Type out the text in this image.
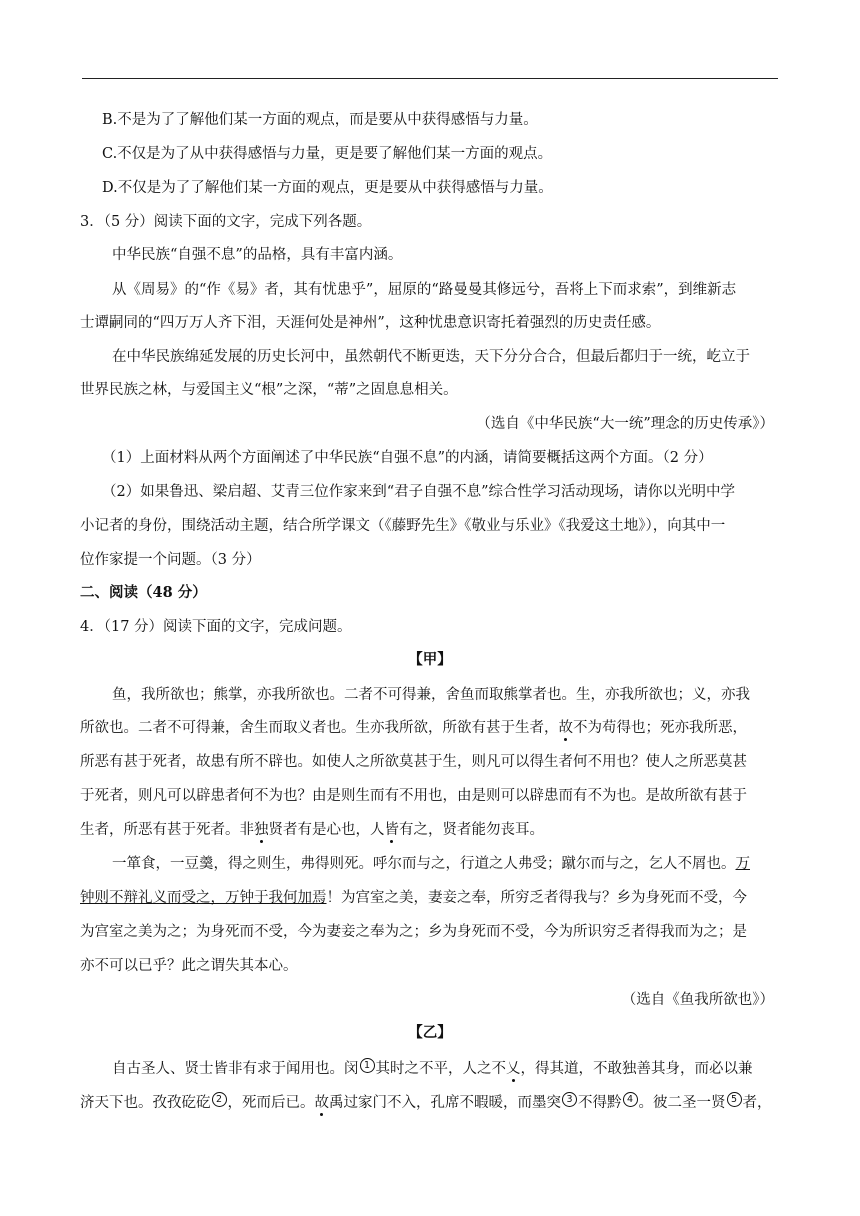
B.不是为了了解他们某一方面的观点，而是要从中获得感悟与力量。
C.不仅是为了从中获得感悟与力量，更是要了解他们某一方面的观点。
D.不仅是为了了解他们某一方面的观点，更是要从中获得感悟与力量。
3．（5 分）阅读下面的文字，完成下列各题。
中华民族“自强不息”的品格，具有丰富内涵。
从《周易》的“作《易》者，其有忧患乎”，屈原的“路曼曼其修远兮，吾将上下而求索”，到维新志
士谭嗣同的“四万万人齐下泪，天涯何处是神州”，这种忧患意识寄托着强烈的历史责任感。
在中华民族绵延发展的历史长河中，虽然朝代不断更迭，天下分分合合，但最后都归于一统，屹立于
世界民族之林，与爱国主义“根”之深，“蒂”之固息息相关。
（选自《中华民族“大一统”理念的历史传承》）
（1）上面材料从两个方面阐述了中华民族“自强不息”的内涵，请简要概括这两个方面。（2 分）
（2）如果鲁迅、梁启超、艾青三位作家来到“君子自强不息”综合性学习活动现场，请你以光明中学
小记者的身份，围绕活动主题，结合所学课文（《藤野先生》《敬业与乐业》《我爱这土地》），向其中一
位作家提一个问题。（3 分）
二、阅读（48 分）
4．（17 分）阅读下面的文字，完成问题。
【甲】
鱼，我所欲也；熊掌，亦我所欲也。二者不可得兼，舍鱼而取熊掌者也。生，亦我所欲也；义，亦我
所欲也。二者不可得兼，舍生而取义者也。生亦我所欲，所欲有甚于生者，故不为苟得也；死亦我所恶，
所恶有甚于死者，故患有所不辟也。如使人之所欲莫甚于生，则凡可以得生者何不用也？使人之所恶莫甚
于死者，则凡可以辟患者何不为也？由是则生而有不用也，由是则可以辟患而有不为也。是故所欲有甚于
生者，所恶有甚于死者。非独贤者有是心也，人皆有之，贤者能勿丧耳。
一箪食，一豆羹，得之则生，弗得则死。呼尔而与之，行道之人弗受；蹴尔而与之，乞人不屑也。万
钟则不辩礼义而受之，万钟于我何加焉！为宫室之美，妻妾之奉，所穷乏者得我与？乡为身死而不受，今
为宫室之美为之；为身死而不受，今为妻妾之奉为之；乡为身死而不受，今为所识穷乏者得我而为之；是
亦不可以已乎？此之谓失其本心。
（选自《鱼我所欲也》）
【乙】
自古圣人、贤士皆非有求于闻用也。闵 1 其时之不平，人之不乂，得其道，不敢独善其身，而必以兼
济天下也。孜孜矻矻 2 ，死而后已。故禹过家门不入，孔席不暇暖，而墨突 3 不得黔 4 。彼二圣一贤 5 者，
